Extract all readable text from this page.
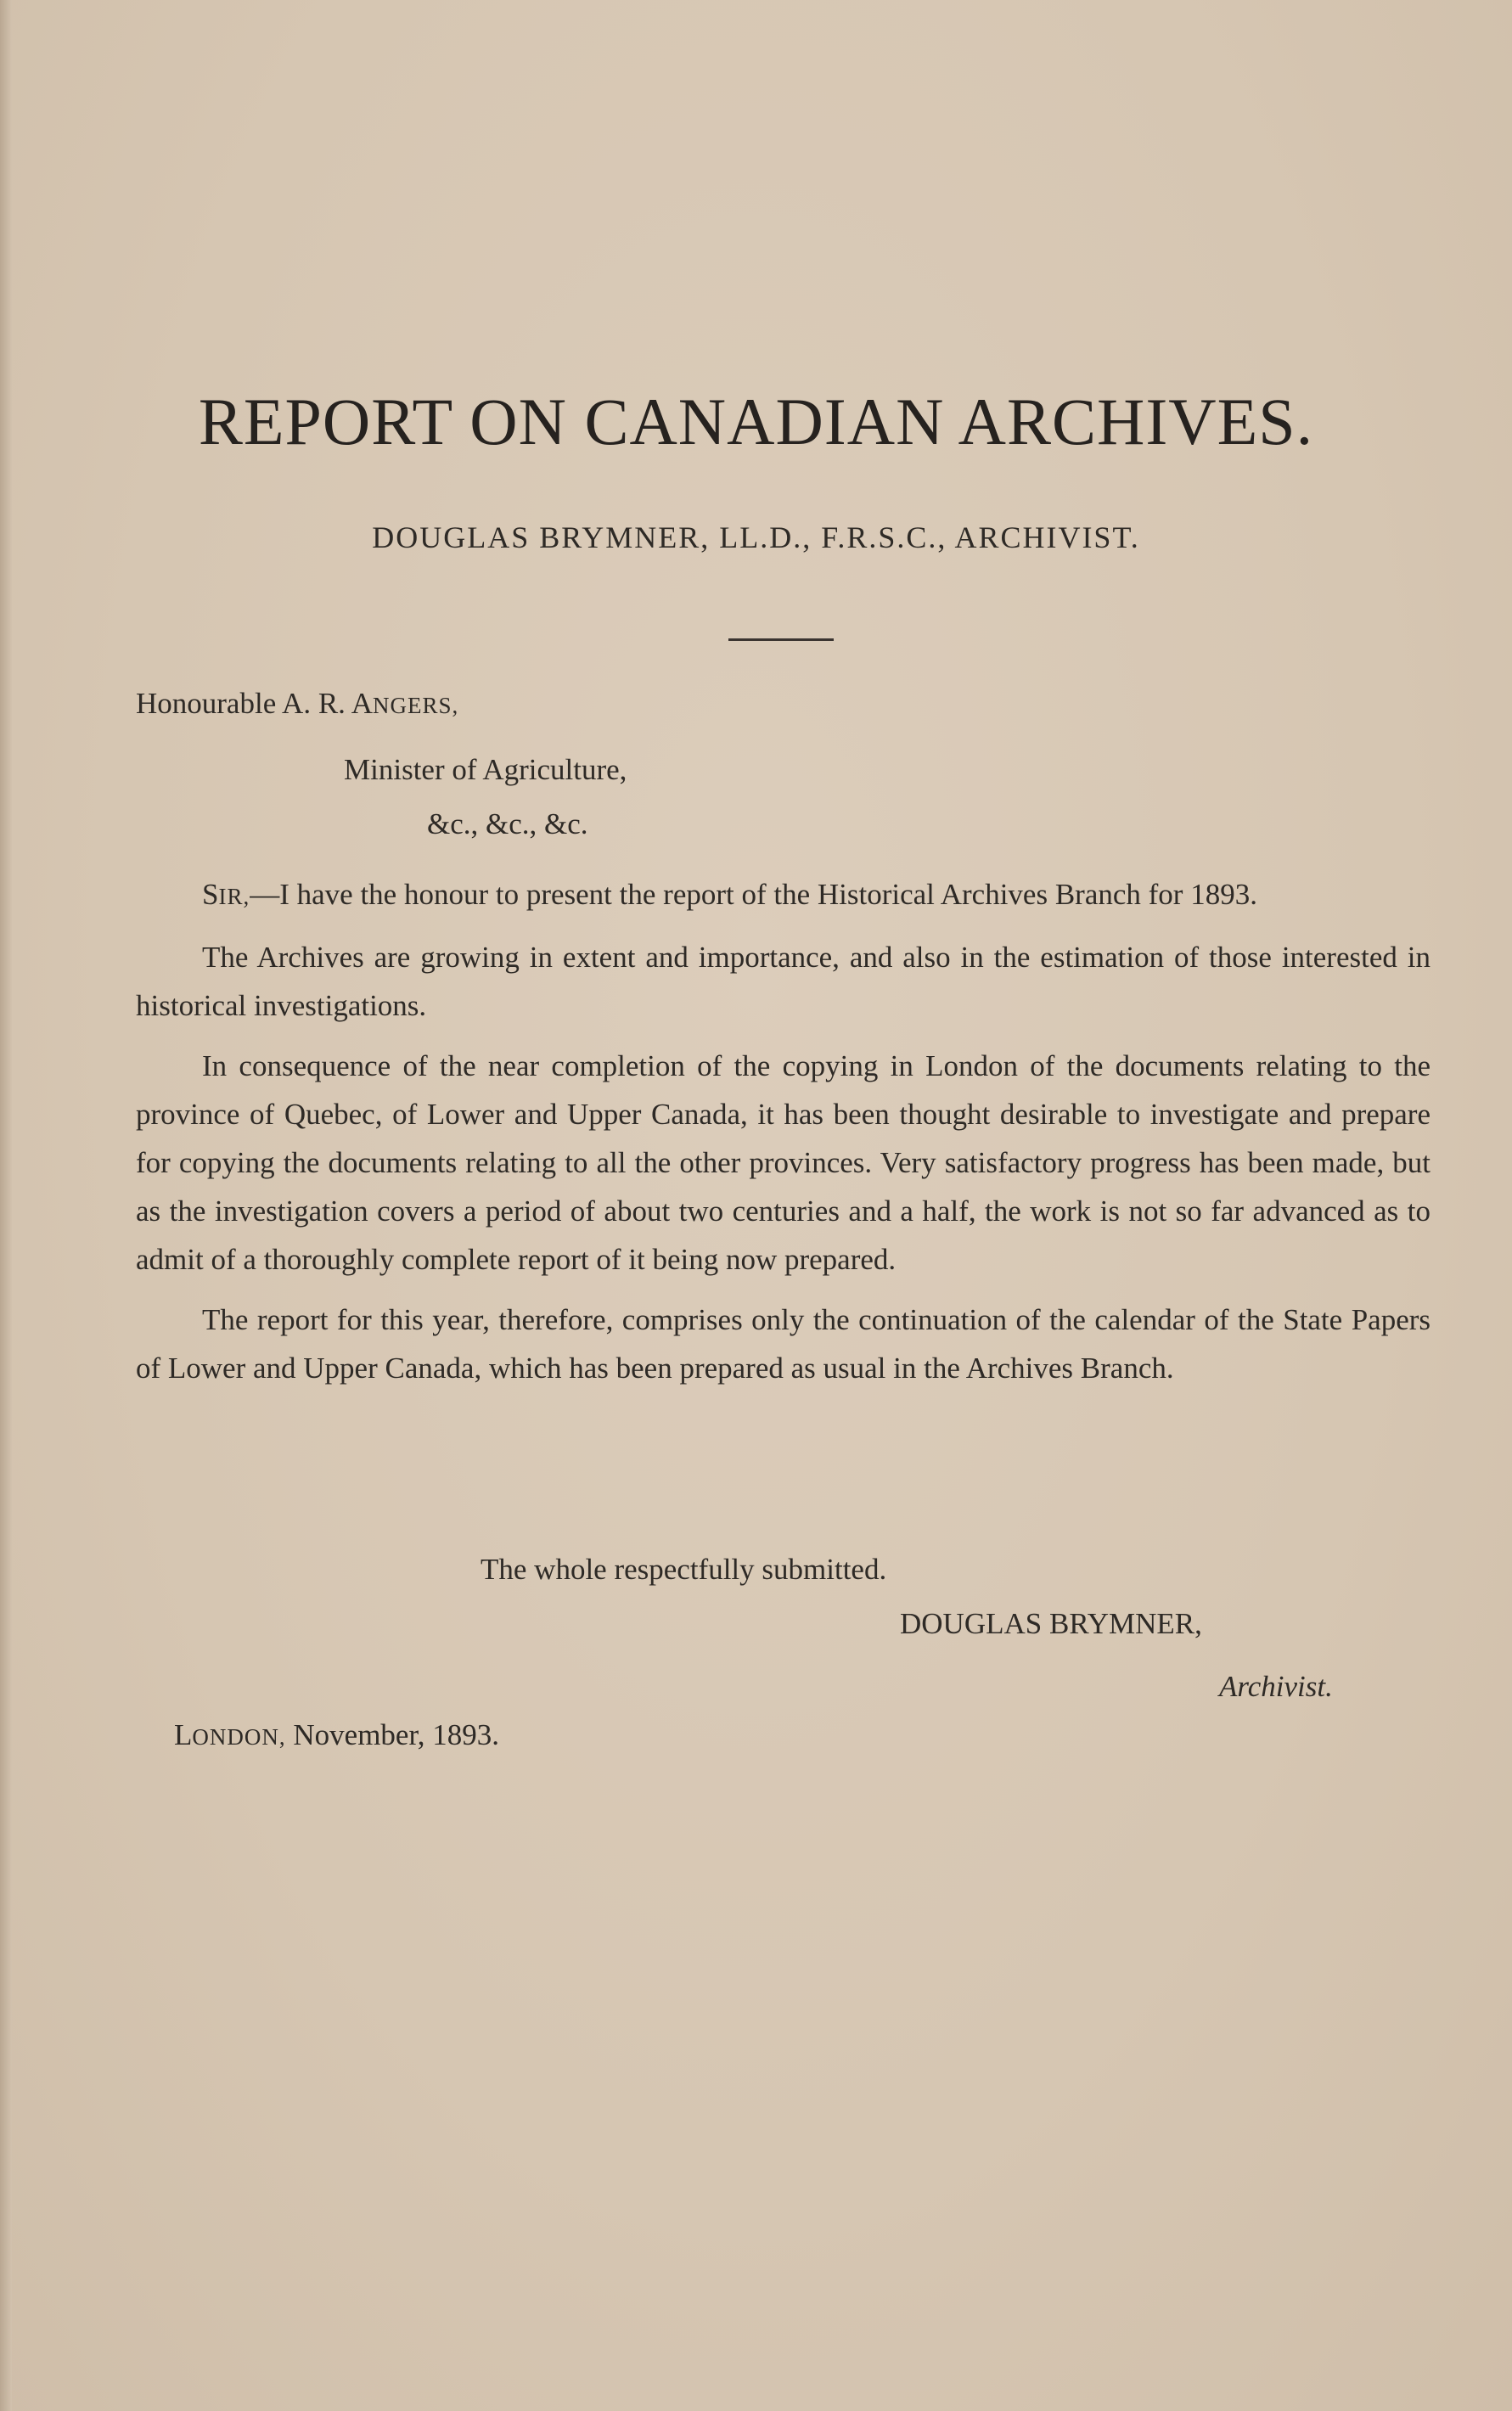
REPORT ON CANADIAN ARCHIVES.
DOUGLAS BRYMNER, LL.D., F.R.S.C., ARCHIVIST.
Honourable A. R. ANGERS,
Minister of Agriculture,
&c., &c., &c.

SIR,—I have the honour to present the report of the Historical Archives Branch for 1893.

The Archives are growing in extent and importance, and also in the estimation of those interested in historical investigations.

In consequence of the near completion of the copying in London of the documents relating to the province of Quebec, of Lower and Upper Canada, it has been thought desirable to investigate and prepare for copying the documents relating to all the other provinces. Very satisfactory progress has been made, but as the investigation covers a period of about two centuries and a half, the work is not so far advanced as to admit of a thoroughly complete report of it being now prepared.

The report for this year, therefore, comprises only the continuation of the calendar of the State Papers of Lower and Upper Canada, which has been prepared as usual in the Archives Branch.

The whole respectfully submitted.
DOUGLAS BRYMNER,
Archivist.
LONDON, November, 1893.
